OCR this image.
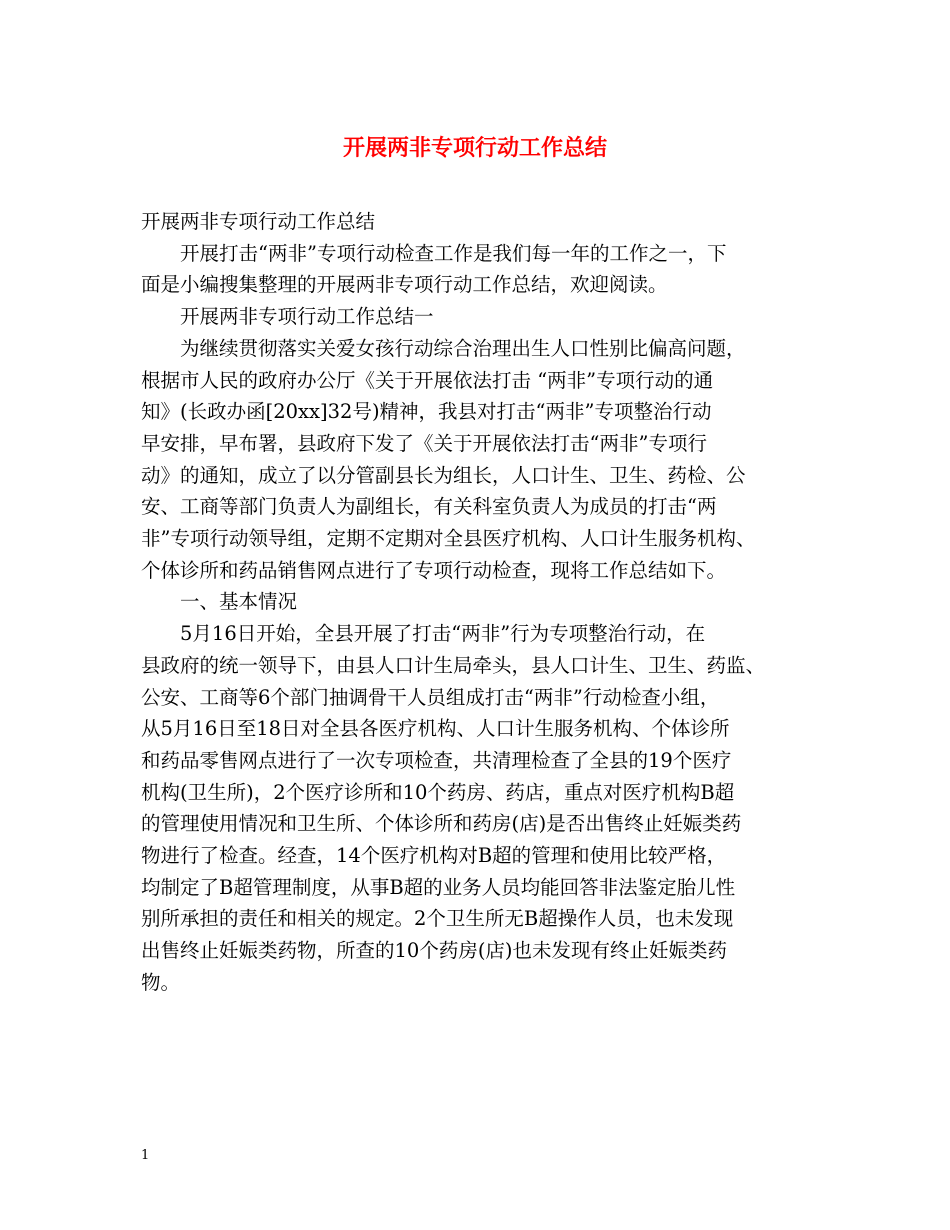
开展两非专项行动工作总结

开展两非专项行动工作总结

　　开展打击“两非”专项行动检查工作是我们每一年的工作之一，下

面是小编搜集整理的开展两非专项行动工作总结，欢迎阅读。

　　开展两非专项行动工作总结一

　　为继续贯彻落实关爱女孩行动综合治理出生人口性别比偏高问题，

根据市人民的政府办公厅《关于开展依法打击 “两非”专项行动的通

知》(长政办函[20xx]32号)精神，我县对打击“两非”专项整治行动

早安排，早布署，县政府下发了《关于开展依法打击“两非”专项行

动》的通知，成立了以分管副县长为组长，人口计生、卫生、药检、公

安、工商等部门负责人为副组长，有关科室负责人为成员的打击“两

非”专项行动领导组，定期不定期对全县医疗机构、人口计生服务机构、

个体诊所和药品销售网点进行了专项行动检查，现将工作总结如下。

　　一、基本情况

　　5月16日开始，全县开展了打击“两非”行为专项整治行动，在

县政府的统一领导下，由县人口计生局牵头，县人口计生、卫生、药监、

公安、工商等6个部门抽调骨干人员组成打击“两非”行动检查小组，

从5月16日至18日对全县各医疗机构、人口计生服务机构、个体诊所

和药品零售网点进行了一次专项检查，共清理检查了全县的19个医疗

机构(卫生所)，2个医疗诊所和10个药房、药店，重点对医疗机构B超

的管理使用情况和卫生所、个体诊所和药房(店)是否出售终止妊娠类药

物进行了检查。经查，14个医疗机构对B超的管理和使用比较严格，

均制定了B超管理制度，从事B超的业务人员均能回答非法鉴定胎儿性

别所承担的责任和相关的规定。2个卫生所无B超操作人员，也未发现

出售终止妊娠类药物，所查的10个药房(店)也未发现有终止妊娠类药

物。

1
